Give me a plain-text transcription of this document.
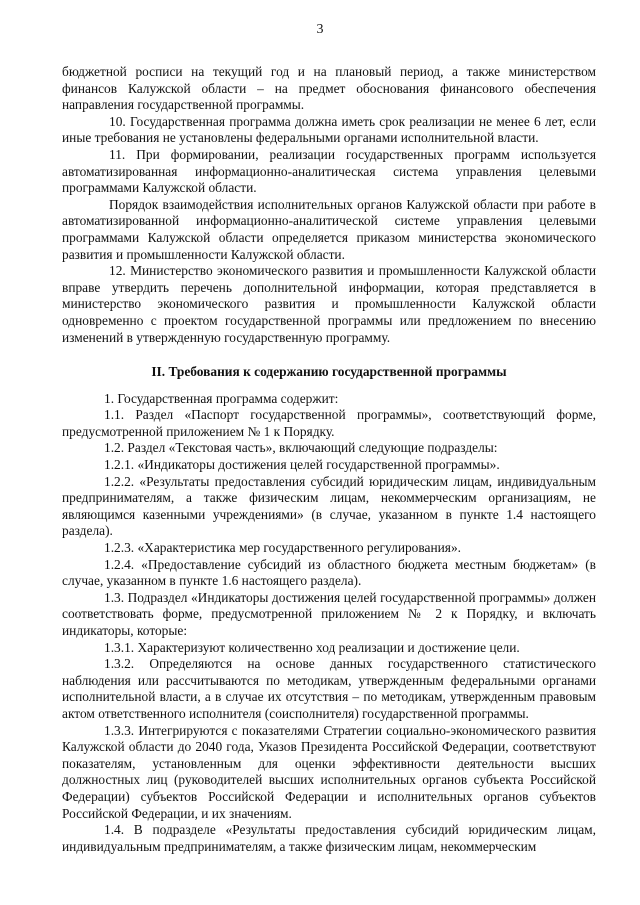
3

бюджетной росписи на текущий год и на плановый период, а также министерством финансов Калужской области – на предмет обоснования финансового обеспечения направления государственной программы.

10. Государственная программа должна иметь срок реализации не менее 6 лет, если иные требования не установлены федеральными органами исполнительной власти.

11. При формировании, реализации государственных программ используется автоматизированная информационно-аналитическая система управления целевыми программами Калужской области.

Порядок взаимодействия исполнительных органов Калужской области при работе в автоматизированной информационно-аналитической системе управления целевыми программами Калужской области определяется приказом министерства экономического развития и промышленности Калужской области.

12. Министерство экономического развития и промышленности Калужской области вправе утвердить перечень дополнительной информации, которая представляется в министерство экономического развития и промышленности Калужской области одновременно с проектом государственной программы или предложением по внесению изменений в утвержденную государственную программу.

II. Требования к содержанию государственной программы

1. Государственная программа содержит:

1.1. Раздел «Паспорт государственной программы», соответствующий форме, предусмотренной приложением № 1 к Порядку.

1.2. Раздел «Текстовая часть», включающий следующие подразделы:

1.2.1. «Индикаторы достижения целей государственной программы».

1.2.2. «Результаты предоставления субсидий юридическим лицам, индивидуальным предпринимателям, а также физическим лицам, некоммерческим организациям, не являющимся казенными учреждениями» (в случае, указанном в пункте 1.4 настоящего раздела).

1.2.3. «Характеристика мер государственного регулирования».

1.2.4. «Предоставление субсидий из областного бюджета местным бюджетам» (в случае, указанном в пункте 1.6 настоящего раздела).

1.3. Подраздел «Индикаторы достижения целей государственной программы» должен соответствовать форме, предусмотренной приложением № 2 к Порядку, и включать индикаторы, которые:

1.3.1. Характеризуют количественно ход реализации и достижение цели.

1.3.2. Определяются на основе данных государственного статистического наблюдения или рассчитываются по методикам, утвержденным федеральными органами исполнительной власти, а в случае их отсутствия – по методикам, утвержденным правовым актом ответственного исполнителя (соисполнителя) государственной программы.

1.3.3. Интегрируются с показателями Стратегии социально-экономического развития Калужской области до 2040 года, Указов Президента Российской Федерации, соответствуют показателям, установленным для оценки эффективности деятельности высших должностных лиц (руководителей высших исполнительных органов субъекта Российской Федерации) субъектов Российской Федерации и исполнительных органов субъектов Российской Федерации, и их значениям.

1.4. В подразделе «Результаты предоставления субсидий юридическим лицам, индивидуальным предпринимателям, а также физическим лицам, некоммерческим
